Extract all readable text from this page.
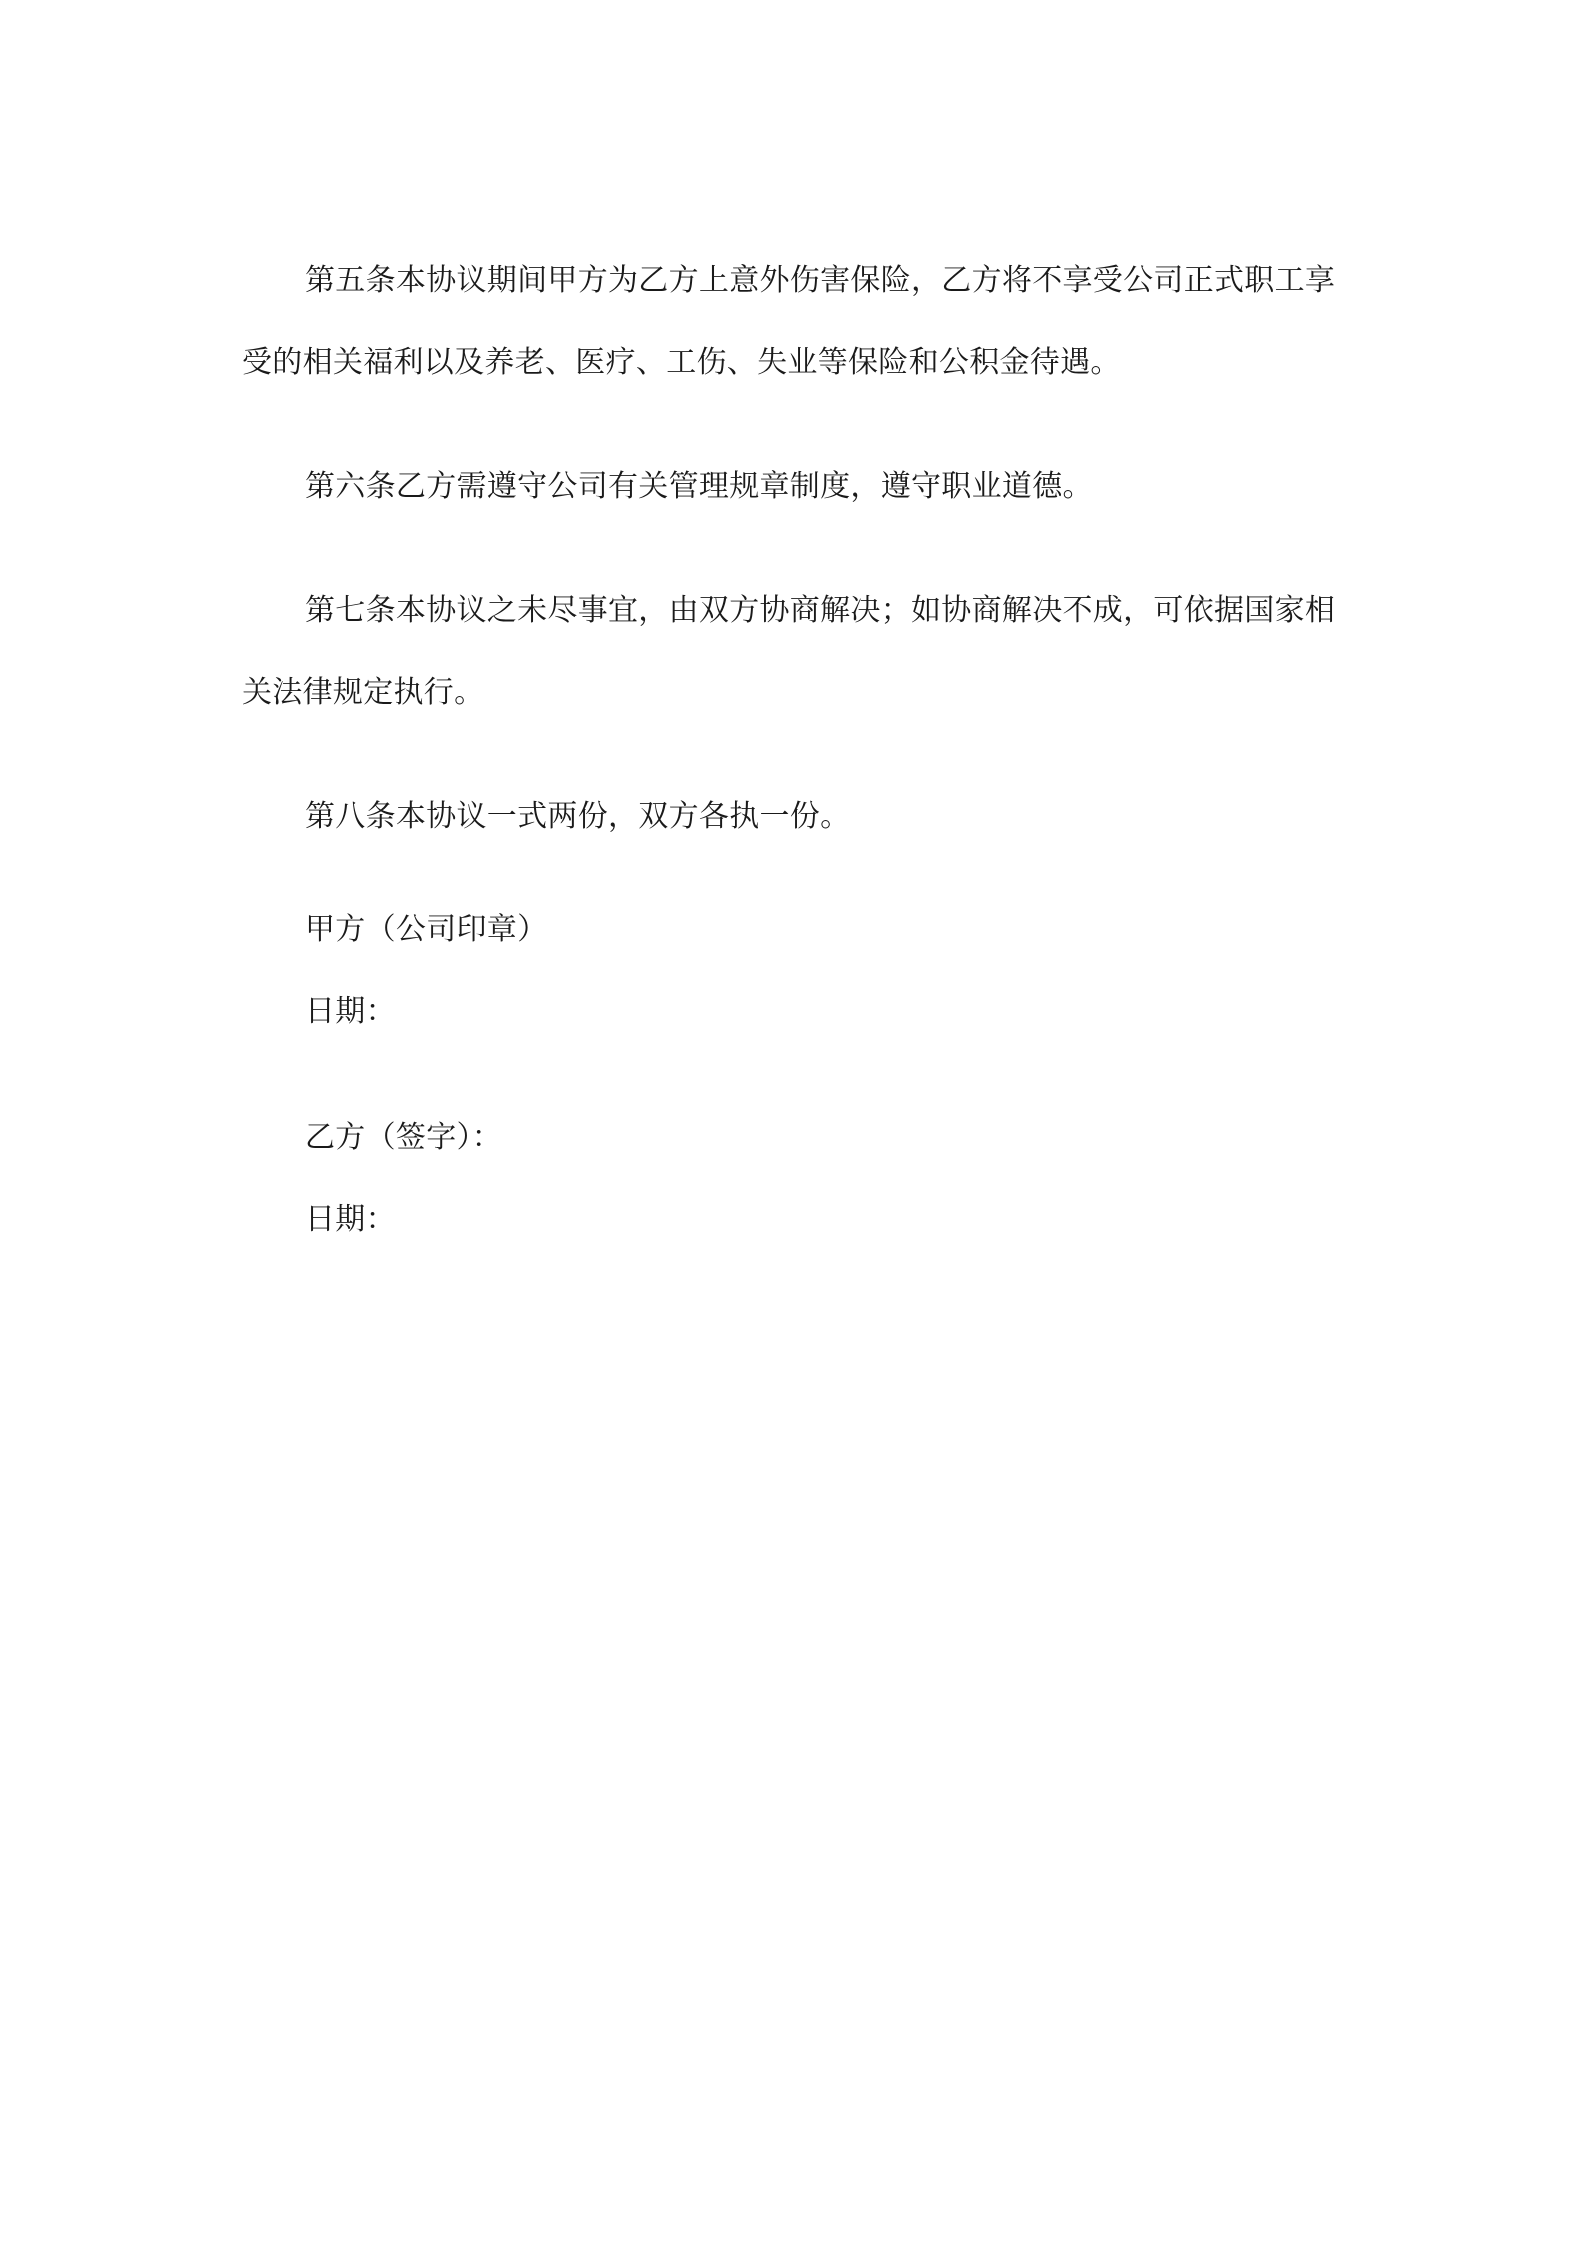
第五条本协议期间甲方为乙方上意外伤害保险，乙方将不享受公司正式职工享受的相关福利以及养老、医疗、工伤、失业等保险和公积金待遇。

第六条乙方需遵守公司有关管理规章制度，遵守职业道德。

第七条本协议之未尽事宜，由双方协商解决；如协商解决不成，可依据国家相关法律规定执行。

第八条本协议一式两份，双方各执一份。

甲方（公司印章）

日期：

乙方（签字）：

日期：
